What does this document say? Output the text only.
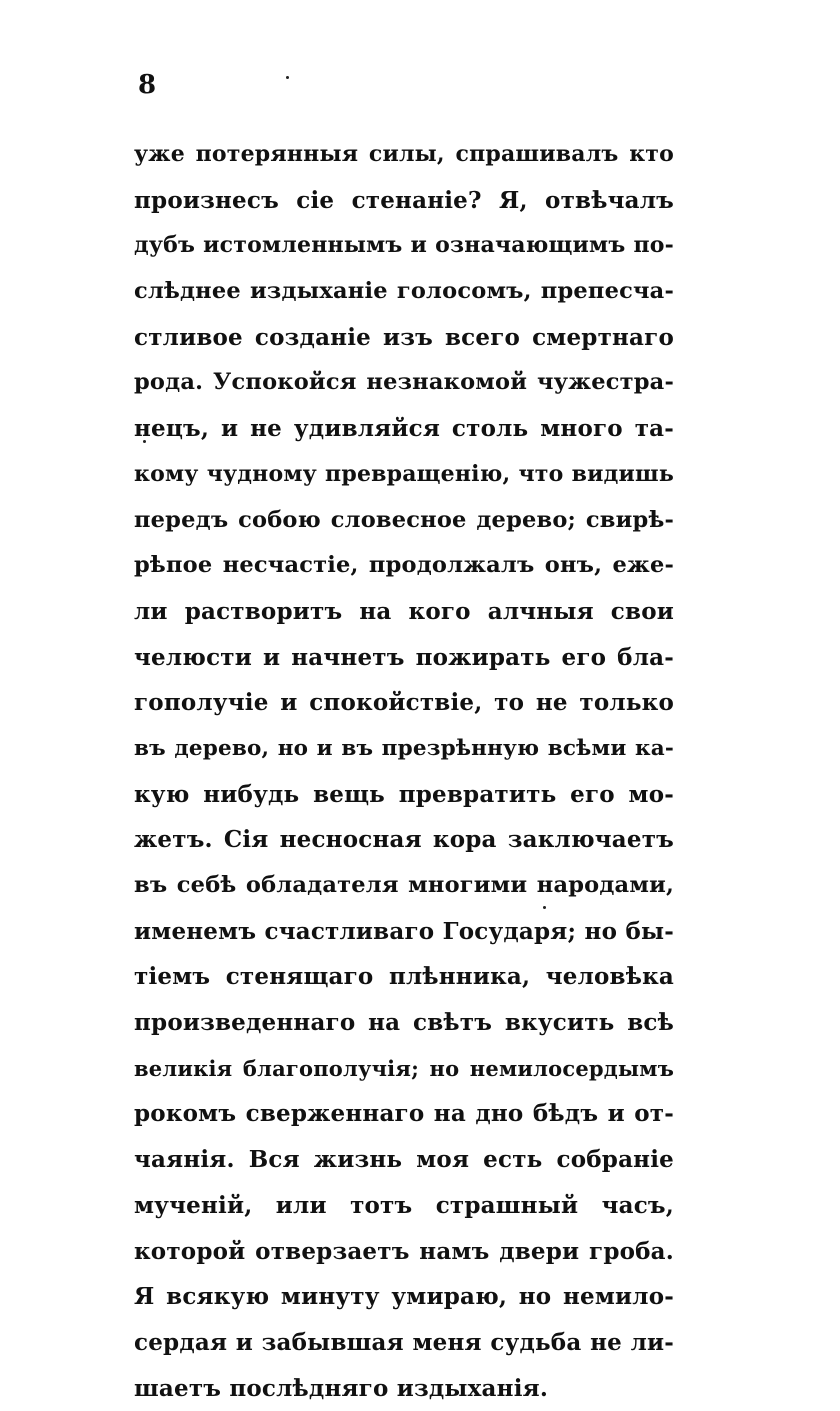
8
уже потерянныя силы, спрашивалъ кто
произнесъ сіе стенаніе? Я, отвѣчалъ
дубъ истомленнымъ и означающимъ по-
слѣднее издыханіе голосомъ, препесча-
стливое созданіе изъ всего смертнаго
рода. Успокойся незнакомой чужестра-
нецъ, и не удивляйся столь много та-
кому чудному превращенію, что видишь
передъ собою словесное дерево; свирѣ-
рѣпое несчастіе, продолжалъ онъ, еже-
ли растворитъ на кого алчныя свои
челюсти и начнетъ пожирать его бла-
гополучіе и спокойствіе, то не только
въ дерево, но и въ презрѣнную всѣми ка-
кую нибудь вещь превратить его мо-
жетъ. Сія несносная кора заключаетъ
въ себѣ обладателя многими народами,
именемъ счастливаго Государя; но бы-
тіемъ стенящаго плѣнника, человѣка
произведеннаго на свѣтъ вкусить всѣ
великія благополучія; но немилосердымъ
рокомъ сверженнаго на дно бѣдъ и от-
чаянія. Вся жизнь моя есть собраніе
мученій, или тотъ страшный часъ,
которой отверзаетъ намъ двери гроба.
Я всякую минуту умираю, но немило-
сердая и забывшая меня судьба не ли-
шаетъ послѣдняго издыханія.
